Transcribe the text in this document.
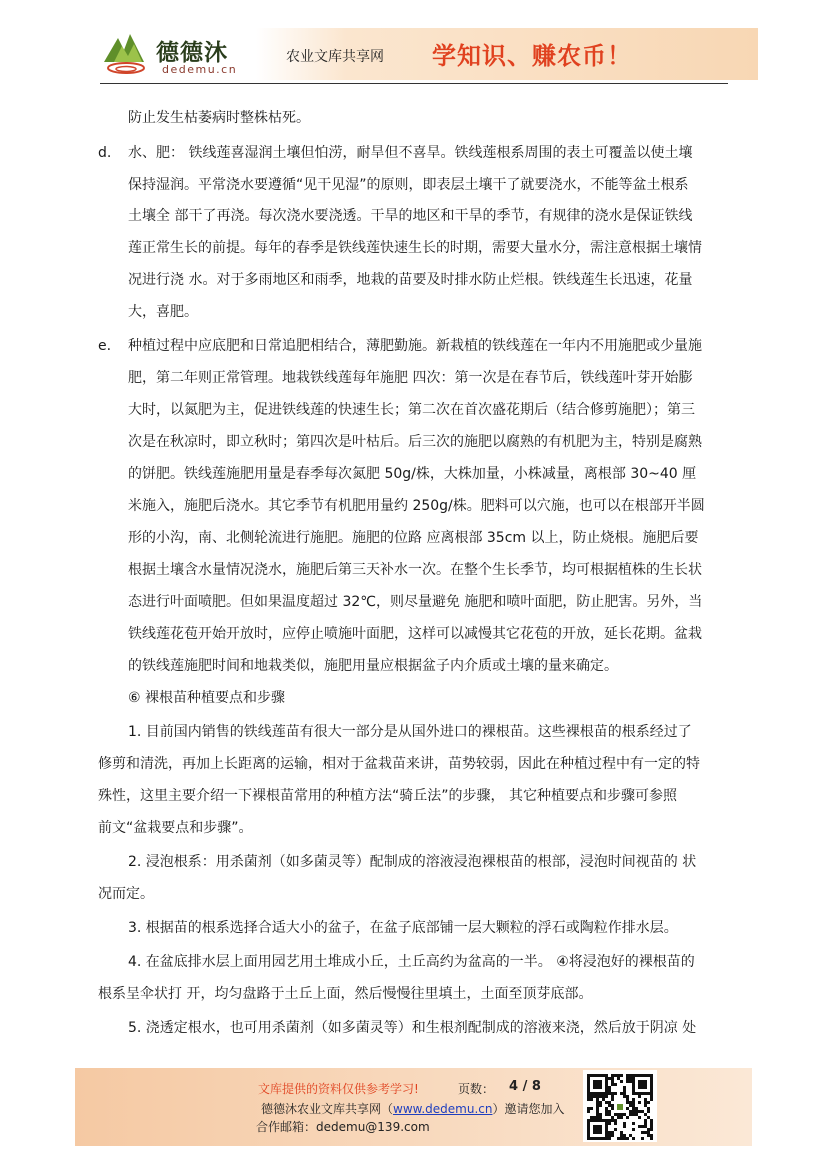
德德沐
dedemu.cn
农业文库共享网 学知识、赚农币！
防止发生枯萎病时整株枯死。
d. 水、肥： 铁线莲喜湿润土壤但怕涝，耐旱但不喜旱。铁线莲根系周围的表土可覆盖以使土壤
保持湿润。平常浇水要遵循“见干见湿”的原则，即表层土壤干了就要浇水，不能等盆土根系
土壤全 部干了再浇。每次浇水要浇透。干旱的地区和干旱的季节，有规律的浇水是保证铁线
莲正常生长的前提。每年的春季是铁线莲快速生长的时期，需要大量水分，需注意根据土壤情
况进行浇 水。对于多雨地区和雨季，地栽的苗要及时排水防止烂根。铁线莲生长迅速，花量
大，喜肥。
e. 种植过程中应底肥和日常追肥相结合，薄肥勤施。新栽植的铁线莲在一年内不用施肥或少量施
肥，第二年则正常管理。地栽铁线莲每年施肥 四次：第一次是在春节后，铁线莲叶芽开始膨
大时，以氮肥为主，促进铁线莲的快速生长；第二次在首次盛花期后（结合修剪施肥）；第三
次是在秋凉时，即立秋时；第四次是叶枯后。后三次的施肥以腐熟的有机肥为主，特别是腐熟
的饼肥。铁线莲施肥用量是春季每次氮肥 50g/株，大株加量，小株减量，离根部 30~40 厘
米施入，施肥后浇水。其它季节有机肥用量约 250g/株。肥料可以穴施，也可以在根部开半圆
形的小沟，南、北侧轮流进行施肥。施肥的位路 应离根部 35cm 以上，防止烧根。施肥后要
根据土壤含水量情况浇水，施肥后第三天补水一次。在整个生长季节，均可根据植株的生长状
态进行叶面喷肥。但如果温度超过 32℃，则尽量避免 施肥和喷叶面肥，防止肥害。另外，当
铁线莲花苞开始开放时，应停止喷施叶面肥，这样可以减慢其它花苞的开放，延长花期。盆栽
的铁线莲施肥时间和地栽类似，施肥用量应根据盆子内介质或土壤的量来确定。
⑥ 裸根苗种植要点和步骤
1. 目前国内销售的铁线莲苗有很大一部分是从国外进口的裸根苗。这些裸根苗的根系经过了
修剪和清洗，再加上长距离的运输，相对于盆栽苗来讲，苗势较弱，因此在种植过程中有一定的特
殊性，这里主要介绍一下裸根苗常用的种植方法“骑丘法”的步骤， 其它种植要点和步骤可参照
前文“盆栽要点和步骤”。
2. 浸泡根系：用杀菌剂（如多菌灵等）配制成的溶液浸泡裸根苗的根部，浸泡时间视苗的 状
况而定。
3. 根据苗的根系选择合适大小的盆子，在盆子底部铺一层大颗粒的浮石或陶粒作排水层。
4. 在盆底排水层上面用园艺用土堆成小丘，土丘高约为盆高的一半。 ④将浸泡好的裸根苗的
根系呈伞状打 开，均匀盘路于土丘上面，然后慢慢往里填土，土面至顶芽底部。
5. 浇透定根水，也可用杀菌剂（如多菌灵等）和生根剂配制成的溶液来浇，然后放于阴凉 处
文库提供的资料仅供参考学习!	页数： 4 / 8
德德沐农业文库共享网（www.dedemu.cn）邀请您加入
合作邮箱：dedemu@139.com
